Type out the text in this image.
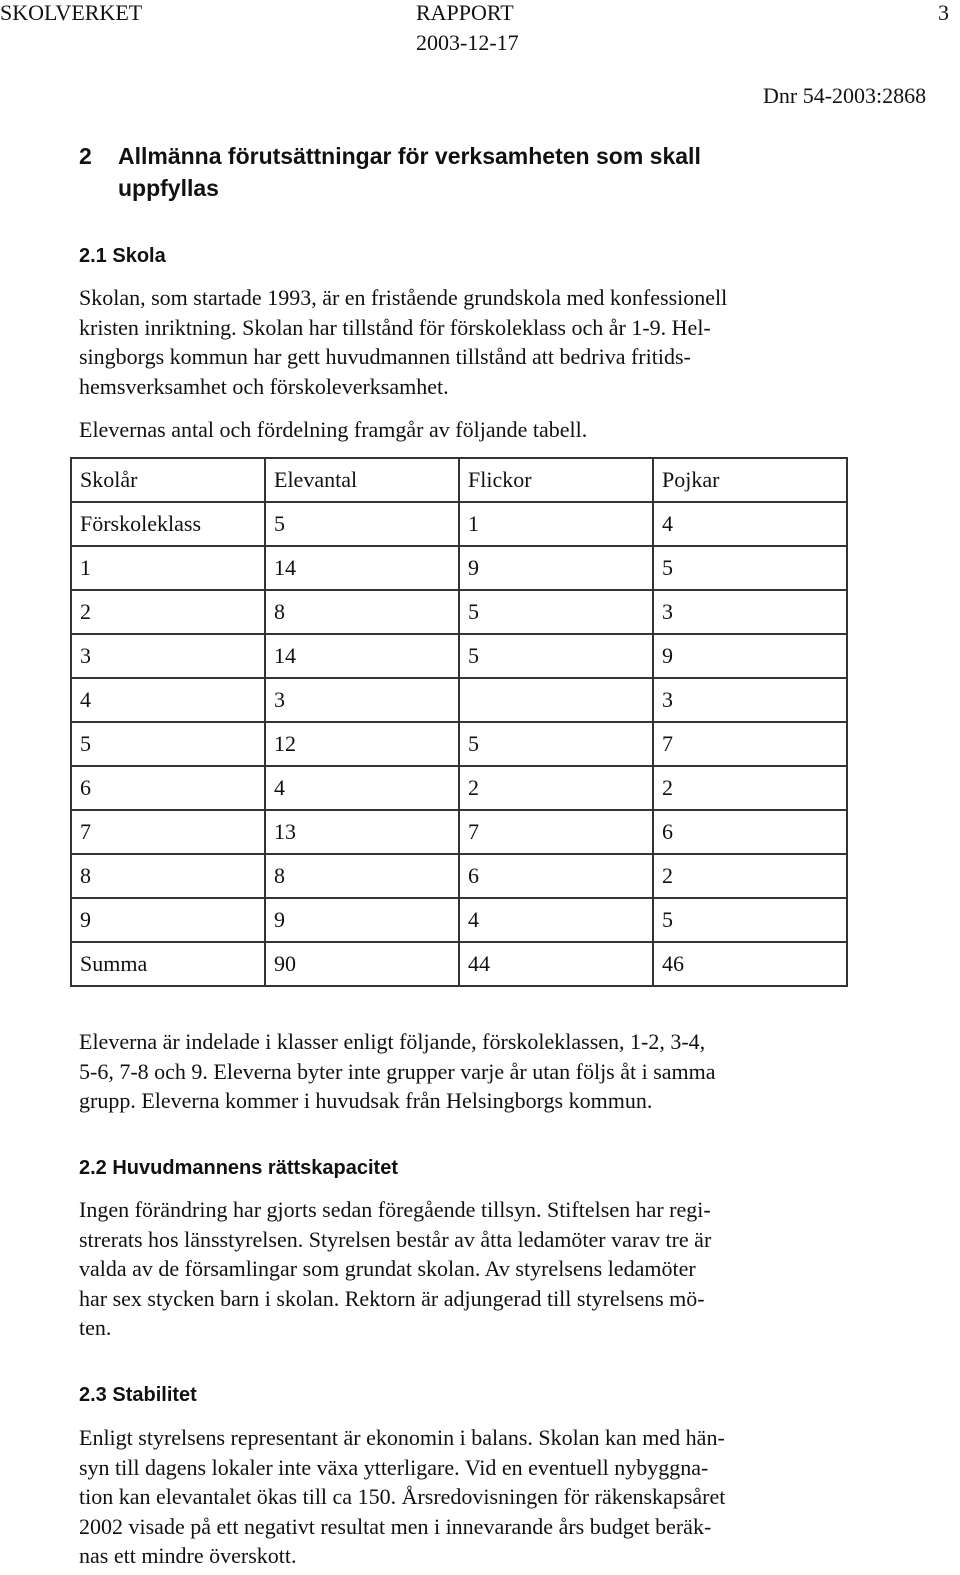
SKOLVERKET	RAPPORT
2003-12-17
3
Dnr 54-2003:2868
2 Allmänna förutsättningar för verksamheten som skall
uppfyllas
2.1 Skola
Skolan, som startade 1993, är en fristående grundskola med konfessionell
kristen inriktning. Skolan har tillstånd för förskoleklass och år 1-9. Hel-
singborgs kommun har gett huvudmannen tillstånd att bedriva fritids-
hemsverksamhet och förskoleverksamhet.
Elevernas antal och fördelning framgår av följande tabell.
Skolår	Elevantal	Flickor	Pojkar
Förskoleklass	5	1	4
1	14	9	5
2	8	5	3
3	14	5	9
4	3		3
5	12	5	7
6	4	2	2
7	13	7	6
8	8	6	2
9	9	4	5
Summa	90	44	46
Eleverna är indelade i klasser enligt följande, förskoleklassen, 1-2, 3-4,
5-6, 7-8 och 9. Eleverna byter inte grupper varje år utan följs åt i samma
grupp. Eleverna kommer i huvudsak från Helsingborgs kommun.
2.2 Huvudmannens rättskapacitet
Ingen förändring har gjorts sedan föregående tillsyn. Stiftelsen har regi-
strerats hos länsstyrelsen. Styrelsen består av åtta ledamöter varav tre är
valda av de församlingar som grundat skolan. Av styrelsens ledamöter
har sex stycken barn i skolan. Rektorn är adjungerad till styrelsens mö-
ten.
2.3 Stabilitet
Enligt styrelsens representant är ekonomin i balans. Skolan kan med hän-
syn till dagens lokaler inte växa ytterligare. Vid en eventuell nybyggna-
tion kan elevantalet ökas till ca 150. Årsredovisningen för räkenskapsåret
2002 visade på ett negativt resultat men i innevarande års budget beräk-
nas ett mindre överskott.
